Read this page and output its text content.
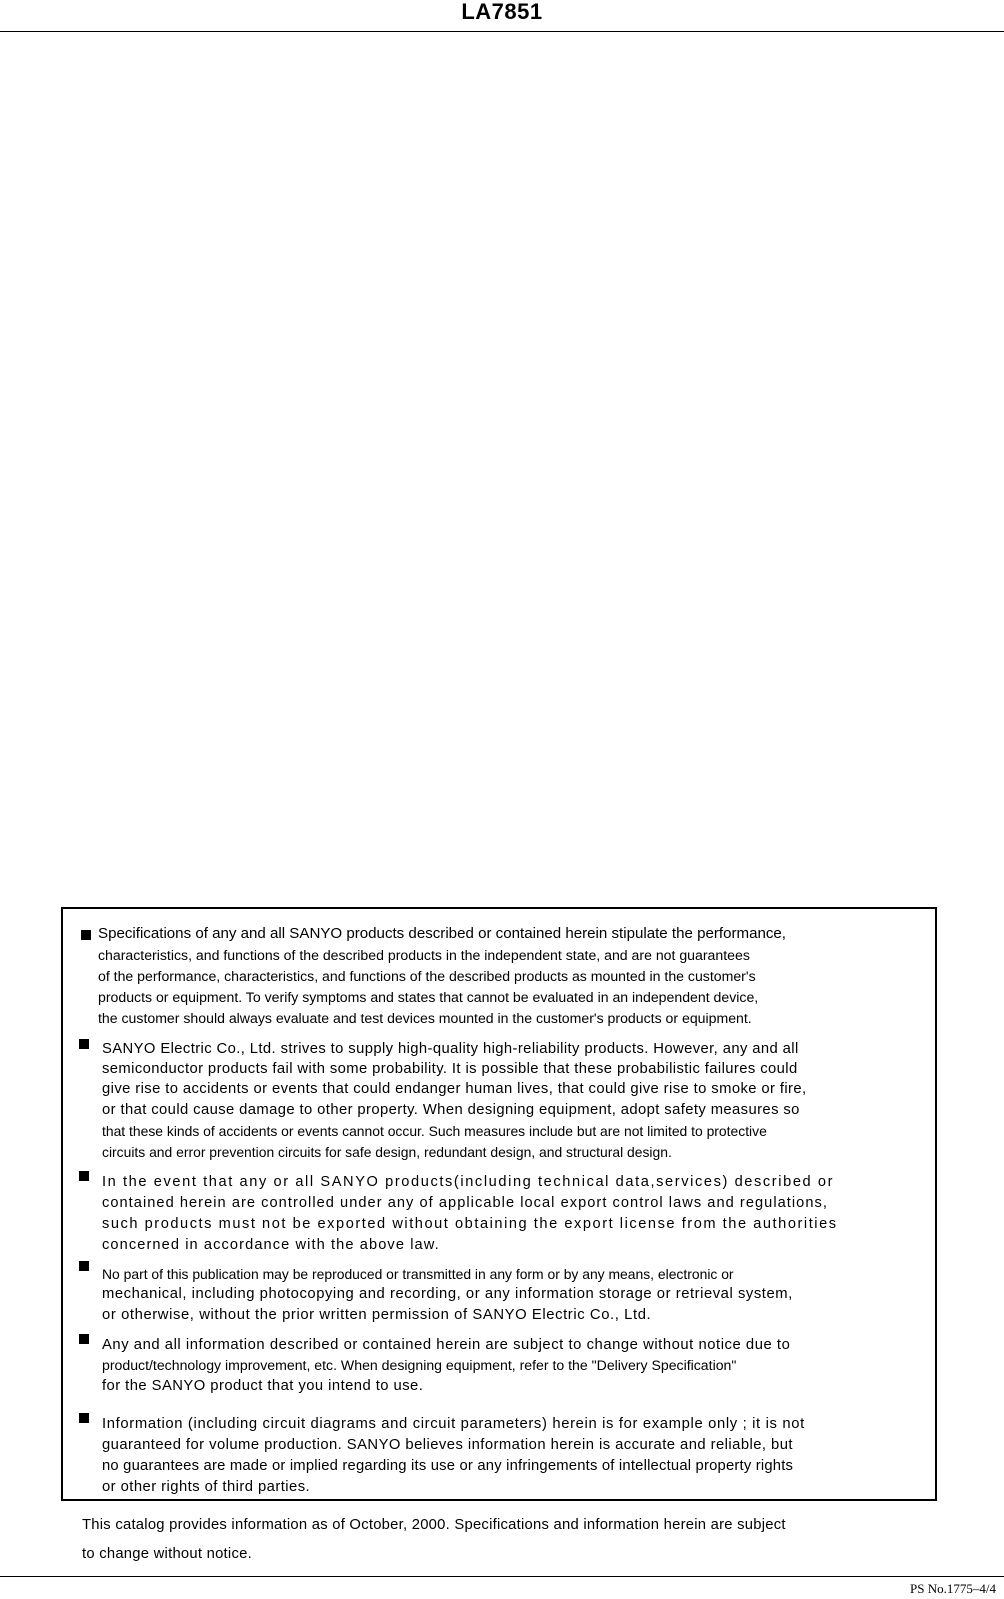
LA7851
Specifications of any and all SANYO products described or contained herein stipulate the performance,
characteristics, and functions of the described products in the independent state, and are not guarantees
of the performance, characteristics, and functions of the described products as mounted in the customer's
products or equipment. To verify symptoms and states that cannot be evaluated in an independent device,
the customer should always evaluate and test devices mounted in the customer's products or equipment.
SANYO Electric Co., Ltd. strives to supply high-quality high-reliability products. However, any and all
semiconductor products fail with some probability. It is possible that these probabilistic failures could
give rise to accidents or events that could endanger human lives, that could give rise to smoke or fire,
or that could cause damage to other property. When designing equipment, adopt safety measures so
that these kinds of accidents or events cannot occur. Such measures include but are not limited to protective
circuits and error prevention circuits for safe design, redundant design, and structural design.
In the event that any or all SANYO products(including technical data,services) described or
contained herein are controlled under any of applicable local export control laws and regulations,
such products must not be exported without obtaining the export license from the authorities
concerned in accordance with the above law.
No part of this publication may be reproduced or transmitted in any form or by any means, electronic or
mechanical, including photocopying and recording, or any information storage or retrieval system,
or otherwise, without the prior written permission of SANYO Electric Co., Ltd.
Any and all information described or contained herein are subject to change without notice due to
product/technology improvement, etc. When designing equipment, refer to the "Delivery Specification"
for the SANYO product that you intend to use.
Information (including circuit diagrams and circuit parameters) herein is for example only ; it is not
guaranteed for volume production. SANYO believes information herein is accurate and reliable, but
no guarantees are made or implied regarding its use or any infringements of intellectual property rights
or other rights of third parties.
This catalog provides information as of October, 2000. Specifications and information herein are subject
to change without notice.
PS No.1775–4/4
